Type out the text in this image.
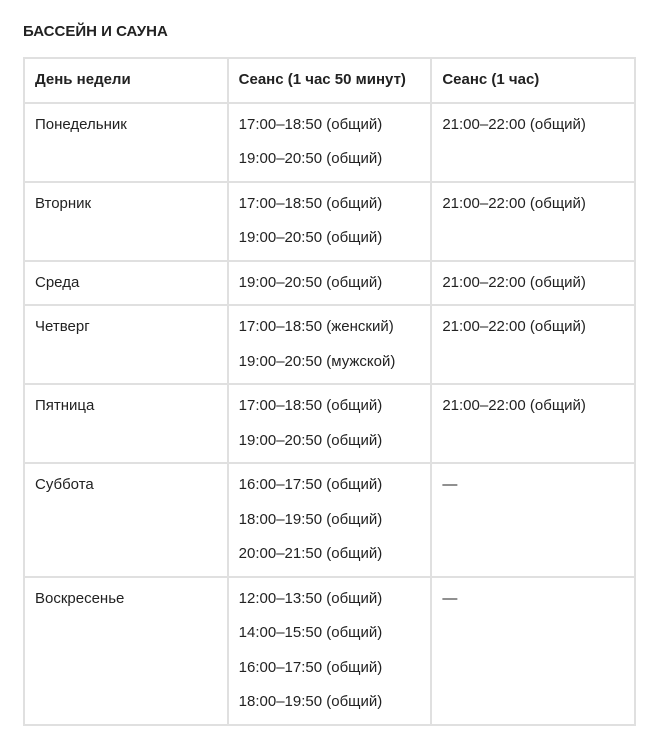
БАССЕЙН И САУНА
День недели	Сеанс (1 час 50 минут)	Сеанс (1 час)

Понедельник	17:00–18:50 (общий)
19:00–20:50 (общий)	21:00–22:00 (общий)

Вторник	17:00–18:50 (общий)
19:00–20:50 (общий)	21:00–22:00 (общий)

Среда	19:00–20:50 (общий)	21:00–22:00 (общий)

Четверг	17:00–18:50 (женский)
19:00–20:50 (мужской)	21:00–22:00 (общий)

Пятница	17:00–18:50 (общий)
19:00–20:50 (общий)	21:00–22:00 (общий)

Суббота	16:00–17:50 (общий)
18:00–19:50 (общий)
20:00–21:50 (общий)	—

Воскресенье	12:00–13:50 (общий)
14:00–15:50 (общий)
16:00–17:50 (общий)
18:00–19:50 (общий)	—
